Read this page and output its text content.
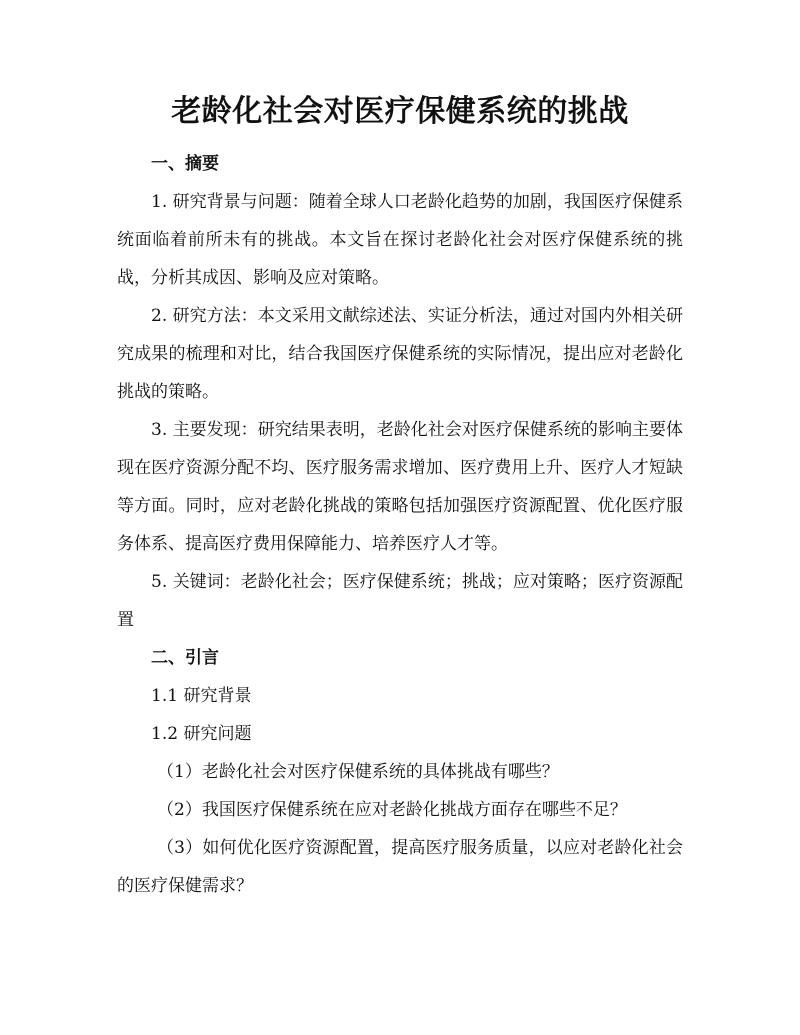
老龄化社会对医疗保健系统的挑战

一、摘要

1. 研究背景与问题：随着全球人口老龄化趋势的加剧，我国医疗保健系统面临着前所未有的挑战。本文旨在探讨老龄化社会对医疗保健系统的挑战，分析其成因、影响及应对策略。

2. 研究方法：本文采用文献综述法、实证分析法，通过对国内外相关研究成果的梳理和对比，结合我国医疗保健系统的实际情况，提出应对老龄化挑战的策略。

3. 主要发现：研究结果表明，老龄化社会对医疗保健系统的影响主要体现在医疗资源分配不均、医疗服务需求增加、医疗费用上升、医疗人才短缺等方面。同时，应对老龄化挑战的策略包括加强医疗资源配置、优化医疗服务体系、提高医疗费用保障能力、培养医疗人才等。

5. 关键词：老龄化社会；医疗保健系统；挑战；应对策略；医疗资源配置

二、引言

1.1 研究背景

1.2 研究问题

（1）老龄化社会对医疗保健系统的具体挑战有哪些？

（2）我国医疗保健系统在应对老龄化挑战方面存在哪些不足？

（3）如何优化医疗资源配置，提高医疗服务质量，以应对老龄化社会的医疗保健需求？
